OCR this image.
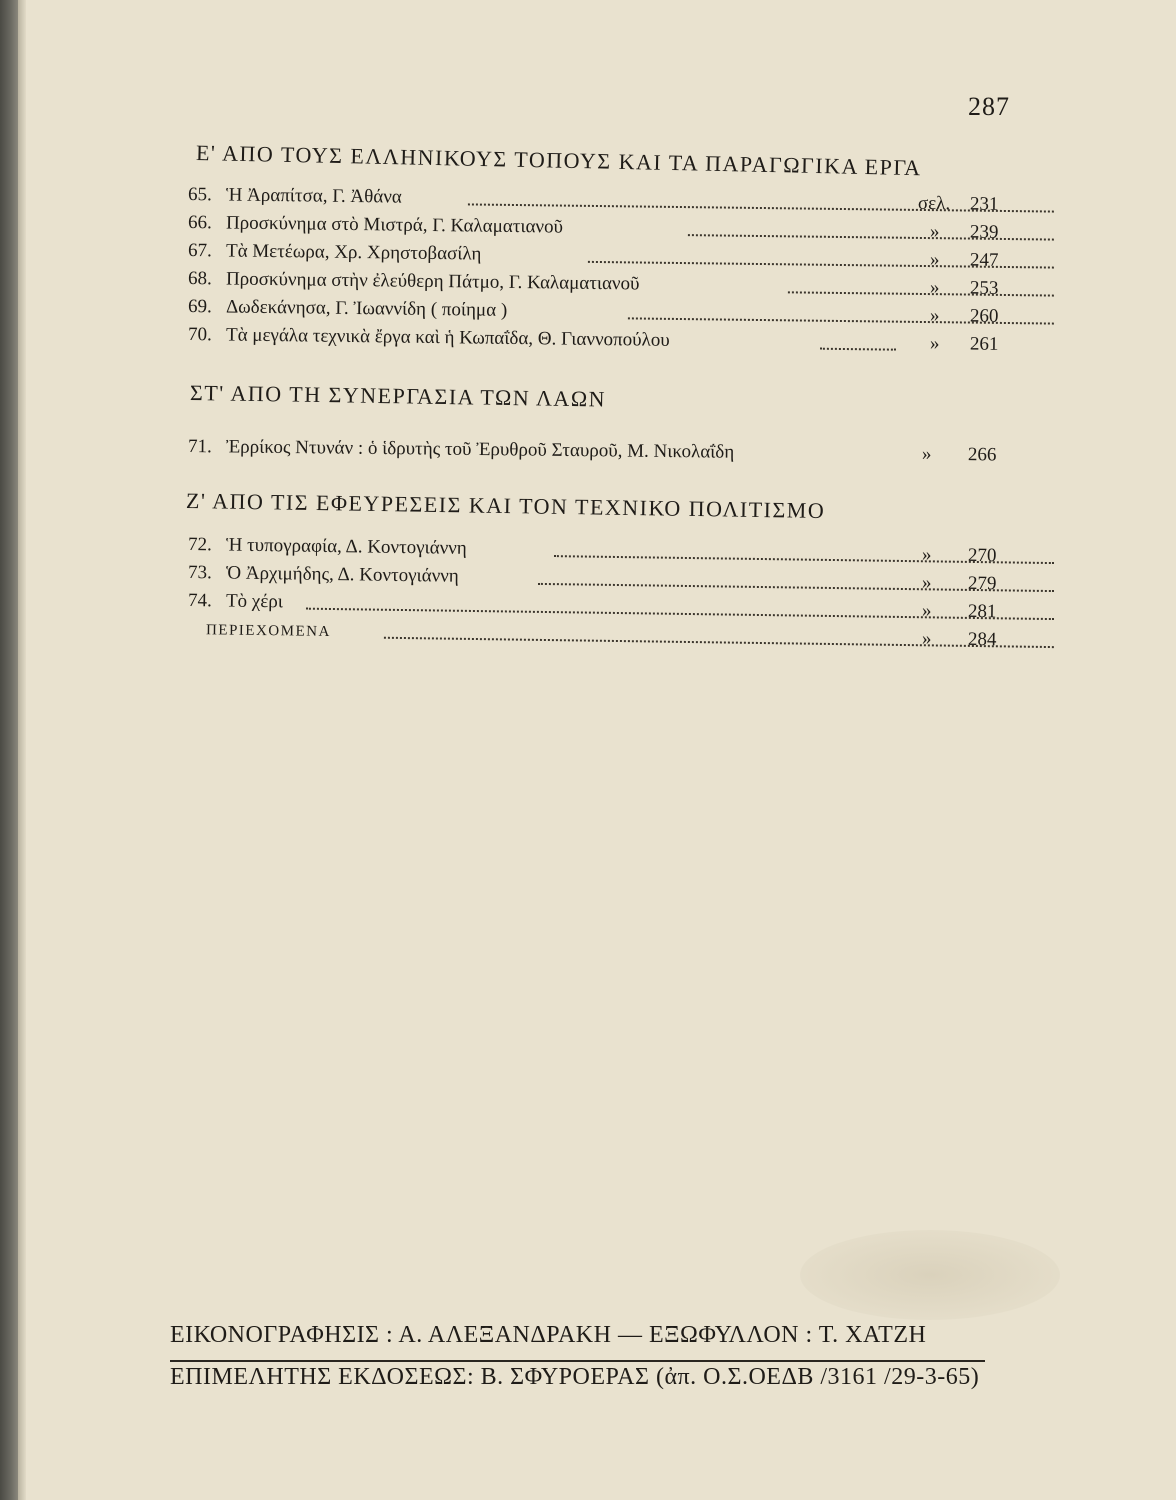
287
Ε' ΑΠΟ ΤΟΥΣ ΕΛΛΗΝΙΚΟΥΣ ΤΟΠΟΥΣ ΚΑΙ ΤΑ ΠΑΡΑΓΩΓΙΚΑ ΕΡΓΑ
65. Ἡ Ἀραπίτσα, Γ. Ἀθάνα	σελ. 231
66. Προσκύνημα στὸ Μιστρά, Γ. Καλαματιανοῦ	» 239
67. Τὰ Μετέωρα, Χρ. Χρηστοβασίλη	» 247
68. Προσκύνημα στὴν ἐλεύθερη Πάτμο, Γ. Καλαματιανοῦ	» 253
69. Δωδεκάνησα, Γ. Ἰωαννίδη ( ποίημα )	» 260
70. Τὰ μεγάλα τεχνικὰ ἔργα καὶ ἡ Κωπαΐδα, Θ. Γιαννοπούλου	» 261
ΣΤ' ΑΠΟ ΤΗ ΣΥΝΕΡΓΑΣΙΑ ΤΩΝ ΛΑΩΝ
71. Ἐρρίκος Ντυνάν : ὁ ἱδρυτὴς τοῦ Ἐρυθροῦ Σταυροῦ, Μ. Νικολαΐδη	» 266
Ζ' ΑΠΟ ΤΙΣ ΕΦΕΥΡΕΣΕΙΣ ΚΑΙ ΤΟΝ ΤΕΧΝΙΚΟ ΠΟΛΙΤΙΣΜΟ
72. Ἡ τυπογραφία, Δ. Κοντογιάννη	» 270
73. Ὁ Ἀρχιμήδης, Δ. Κοντογιάννη	» 279
74. Τὸ χέρι	» 281
ΠΕΡΙΕΧΟΜΕΝΑ	» 284
ΕΙΚΟΝΟΓΡΑΦΗΣΙΣ : Α. ΑΛΕΞΑΝΔΡΑΚΗ — ΕΞΩΦΥΛΛΟΝ : Τ. ΧΑΤΖΗ
ΕΠΙΜΕΛΗΤΗΣ ΕΚΔΟΣΕΩΣ: Β. ΣΦΥΡΟΕΡΑΣ (ἀπ. Ο.Σ.ΟΕΔΒ /3161 /29-3-65)
